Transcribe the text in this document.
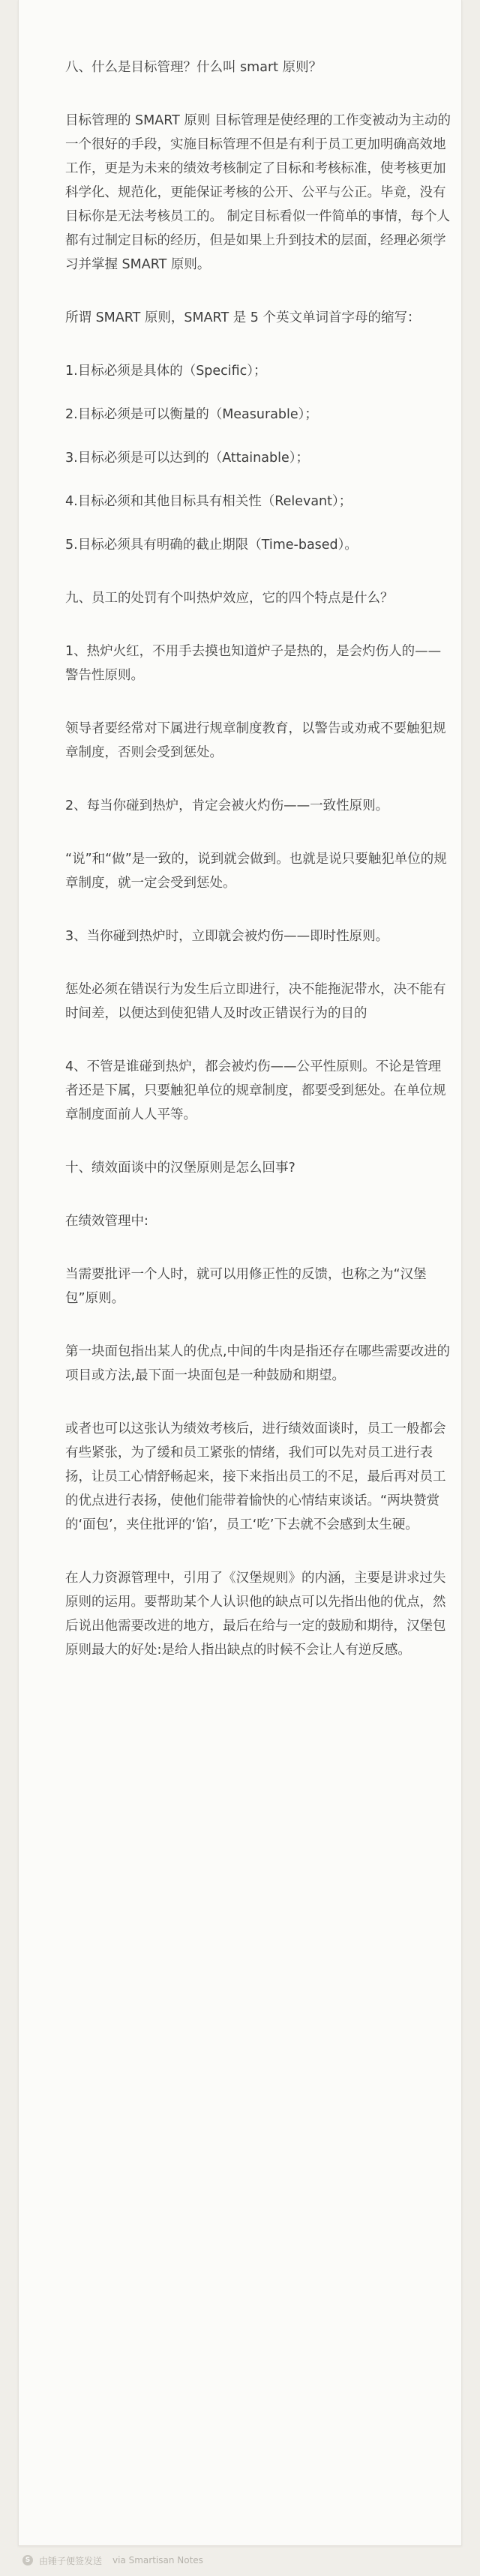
八、什么是目标管理？什么叫 smart 原则？

目标管理的 SMART 原则 目标管理是使经理的工作变被动为主动的一个很好的手段，实施目标管理不但是有利于员工更加明确高效地工作，更是为未来的绩效考核制定了目标和考核标准，使考核更加科学化、规范化，更能保证考核的公开、公平与公正。毕竟，没有目标你是无法考核员工的。 制定目标看似一件简单的事情，每个人都有过制定目标的经历，但是如果上升到技术的层面，经理必须学习并掌握 SMART 原则。

所谓 SMART 原则，SMART 是 5 个英文单词首字母的缩写：

1.目标必须是具体的（Specific）；

2.目标必须是可以衡量的（Measurable）；

3.目标必须是可以达到的（Attainable）；

4.目标必须和其他目标具有相关性（Relevant）；

5.目标必须具有明确的截止期限（Time-based）。

九、员工的处罚有个叫热炉效应，它的四个特点是什么？

1、热炉火红，不用手去摸也知道炉子是热的，是会灼伤人的——警告性原则。

领导者要经常对下属进行规章制度教育，以警告或劝戒不要触犯规章制度，否则会受到惩处。

2、每当你碰到热炉，肯定会被火灼伤——一致性原则。

“说”和“做”是一致的，说到就会做到。也就是说只要触犯单位的规章制度，就一定会受到惩处。

3、当你碰到热炉时，立即就会被灼伤——即时性原则。

惩处必须在错误行为发生后立即进行，决不能拖泥带水，决不能有时间差，以便达到使犯错人及时改正错误行为的目的

4、不管是谁碰到热炉，都会被灼伤——公平性原则。不论是管理者还是下属，只要触犯单位的规章制度，都要受到惩处。在单位规章制度面前人人平等。

十、绩效面谈中的汉堡原则是怎么回事?

在绩效管理中:

当需要批评一个人时，就可以用修正性的反馈，也称之为“汉堡包”原则。

第一块面包指出某人的优点,中间的牛肉是指还存在哪些需要改进的项目或方法,最下面一块面包是一种鼓励和期望。

或者也可以这张认为绩效考核后，进行绩效面谈时，员工一般都会有些紧张，为了缓和员工紧张的情绪，我们可以先对员工进行表扬，让员工心情舒畅起来，接下来指出员工的不足，最后再对员工的优点进行表扬，使他们能带着愉快的心情结束谈话。“两块赞赏的‘面包’，夹住批评的‘馅’，员工‘吃’下去就不会感到太生硬。

在人力资源管理中，引用了《汉堡规则》的内涵，主要是讲求过失原则的运用。要帮助某个人认识他的缺点可以先指出他的优点，然后说出他需要改进的地方，最后在给与一定的鼓励和期待，汉堡包原则最大的好处:是给人指出缺点的时候不会让人有逆反感。

S 由锤子便签发送 via Smartisan Notes
